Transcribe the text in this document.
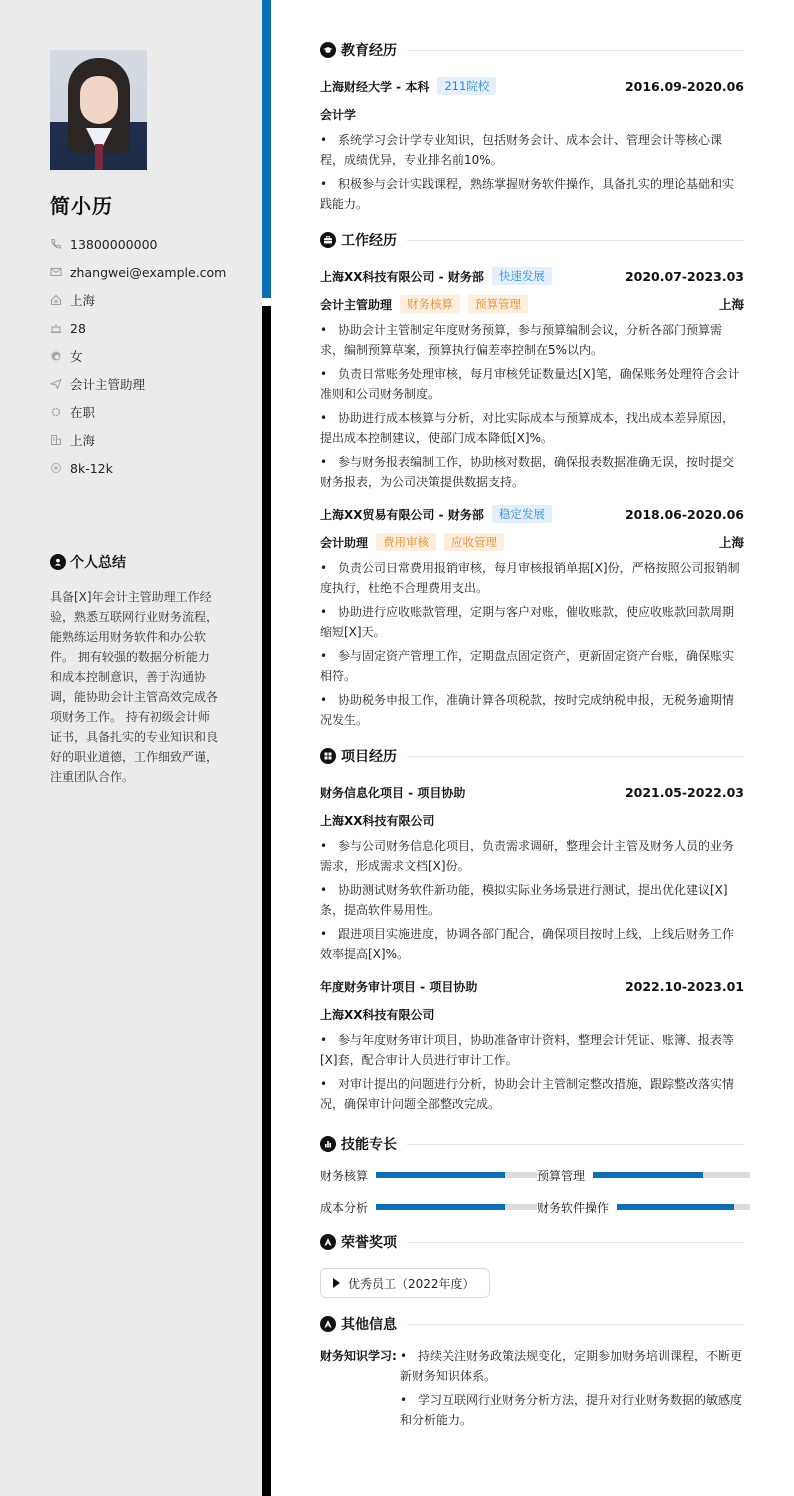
简小历
13800000000
zhangwei@example.com
上海
28
女
会计主管助理
在职
上海
8k-12k
个人总结

具备[X]年会计主管助理工作经验，熟悉互联网行业财务流程，能熟练运用财务软件和办公软件。 拥有较强的数据分析能力和成本控制意识，善于沟通协调，能协助会计主管高效完成各项财务工作。 持有初级会计师证书，具备扎实的专业知识和良好的职业道德，工作细致严谨，注重团队合作。

教育经历
上海财经大学 - 本科	211院校	2016.09-2020.06
会计学
• 系统学习会计学专业知识，包括财务会计、成本会计、管理会计等核心课程，成绩优异，专业排名前10%。
• 积极参与会计实践课程，熟练掌握财务软件操作，具备扎实的理论基础和实践能力。
工作经历
上海XX科技有限公司 - 财务部	快速发展	2020.07-2023.03
会计主管助理	财务核算	预算管理	上海
• 协助会计主管制定年度财务预算，参与预算编制会议，分析各部门预算需求，编制预算草案，预算执行偏差率控制在5%以内。
• 负责日常账务处理审核，每月审核凭证数量达[X]笔，确保账务处理符合会计准则和公司财务制度。
• 协助进行成本核算与分析，对比实际成本与预算成本，找出成本差异原因，提出成本控制建议，使部门成本降低[X]%。
• 参与财务报表编制工作，协助核对数据，确保报表数据准确无误，按时提交财务报表，为公司决策提供数据支持。
上海XX贸易有限公司 - 财务部	稳定发展	2018.06-2020.06
会计助理	费用审核	应收管理	上海
• 负责公司日常费用报销审核，每月审核报销单据[X]份，严格按照公司报销制度执行，杜绝不合理费用支出。
• 协助进行应收账款管理，定期与客户对账，催收账款，使应收账款回款周期缩短[X]天。
• 参与固定资产管理工作，定期盘点固定资产，更新固定资产台账，确保账实相符。
• 协助税务申报工作，准确计算各项税款，按时完成纳税申报，无税务逾期情况发生。
项目经历
财务信息化项目 - 项目协助	2021.05-2022.03
上海XX科技有限公司
• 参与公司财务信息化项目，负责需求调研，整理会计主管及财务人员的业务需求，形成需求文档[X]份。
• 协助测试财务软件新功能，模拟实际业务场景进行测试，提出优化建议[X]条，提高软件易用性。
• 跟进项目实施进度，协调各部门配合，确保项目按时上线，上线后财务工作效率提高[X]%。
年度财务审计项目 - 项目协助	2022.10-2023.01
上海XX科技有限公司
• 参与年度财务审计项目，协助准备审计资料，整理会计凭证、账簿、报表等[X]套，配合审计人员进行审计工作。
• 对审计提出的问题进行分析，协助会计主管制定整改措施，跟踪整改落实情况，确保审计问题全部整改完成。
技能专长
财务核算	预算管理
成本分析	财务软件操作
荣誉奖项
优秀员工（2022年度）
其他信息
财务知识学习: • 持续关注财务政策法规变化，定期参加财务培训课程，不断更新财务知识体系。
• 学习互联网行业财务分析方法，提升对行业财务数据的敏感度和分析能力。
